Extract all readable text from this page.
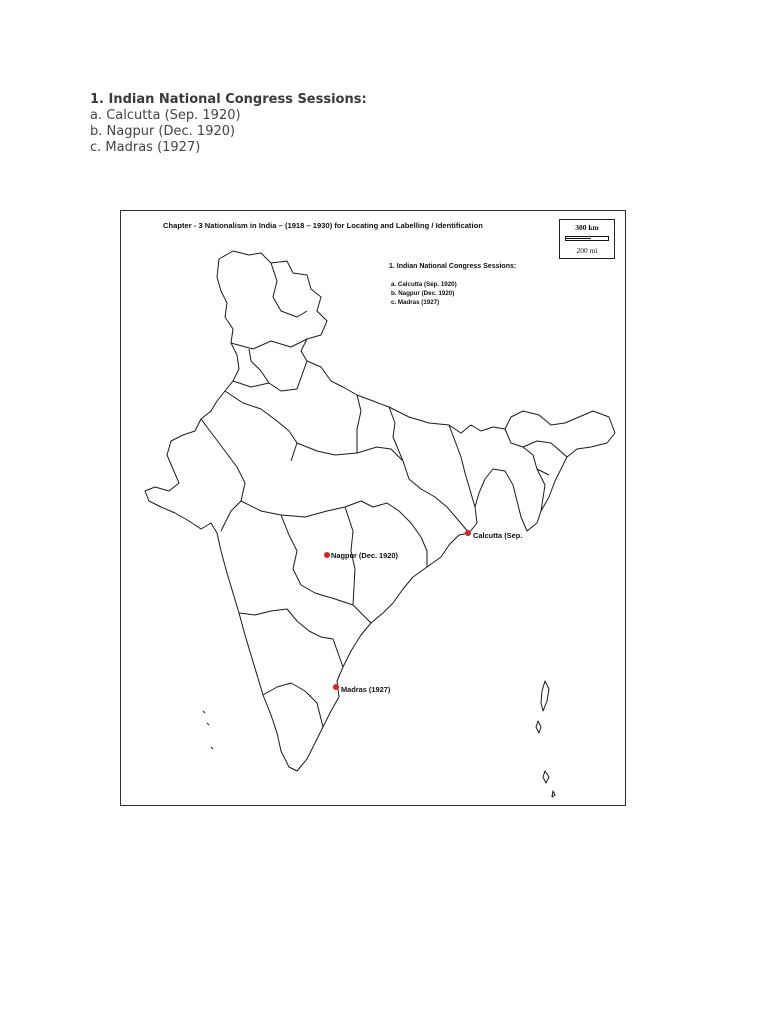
1. Indian National Congress Sessions:
a. Calcutta (Sep. 1920)
b. Nagpur (Dec. 1920)
c. Madras (1927)
Chapter - 3 Nationalism in India – (1918 – 1930) for Locating and Labelling / Identification	300 km
200 mi
1. Indian National Congress Sessions:
a. Calcutta (Sep. 1920)
b. Nagpur (Dec. 1920)
c. Madras (1927)
Calcutta (Sep.
Nagpur (Dec. 1920)
Madras (1927)
